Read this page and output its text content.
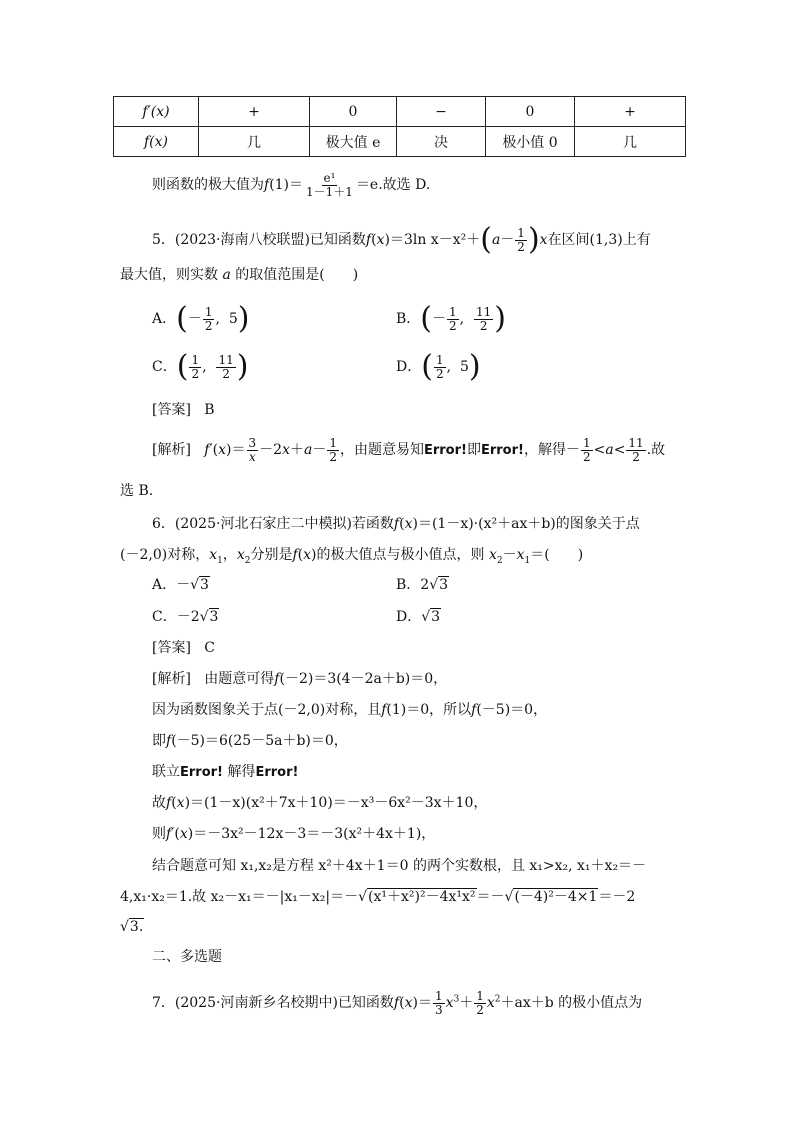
f′(x)	+	0	−	0	+
f(x)	几	极大值 e	决	极小值 0	几
则函数的极大值为$f(1)= \frac{\text{e¹}}{1-1+1} =e$.故选 D.
5．(2023·海南八校联盟)已知函数f(x)＝3ln $x-x^2+(a- \frac{1}{2} )x$在区间(1,3)上有
最大值，则实数 a 的取值范围是(　　)
A．(－ $\frac{1}{2}$ ,  5)	B．(－ $\frac{1}{2}$ , $\frac{11}{2}$ )
C．( $\frac{1}{2}$ , $\frac{11}{2}$ )	D．( $\frac{1}{2}$ ,  5)
[答案] B
[解析] $f'(x)= \frac{3}{x} -2x+a- \frac{1}{2}$ ，由题意易知Error!即Error!，解得－ $\frac{1}{2} <a< \frac{11}{2}$ .故
选 B.
6．(2025·河北石家庄二中模拟)若函数f(x)＝(1－x)·(x²＋ax＋b)的图象关于点
(－2,0)对称，$x_1$，$x_2$分别是f(x)的极大值点与极小值点，则 $x_2-x_1=$(　　)
A．－√3	B．2√3
C．－2√3	D．√3
[答案] C
[解析] 由题意可得f(－2)＝3(4－2a＋b)＝0，
因为函数图象关于点(－2,0)对称，且f(1)＝0，所以f(－5)＝0，
即f(－5)＝6(25－5a＋b)＝0，
联立Error! 解得Error!
故f(x)＝(1－x)(x²＋7x＋10)＝－x³－6x²－3x＋10，
则f′(x)＝－3x²－12x－3＝－3(x²＋4x＋1)，
结合题意可知 x₁,x₂是方程 x²＋4x＋1＝0 的两个实数根，且 x₁>x₂, x₁＋x₂＝－
4,x₁·x₂＝1.故 x₂－x₁＝－|x₁－x₂|＝－√(x¹＋x²)²－4x¹x²＝－√(－4)²－4×1＝－2
√3.
二、多选题
7．(2025·河南新乡名校期中)已知函数$f(x)= \frac{1}{3} x^3+ \frac{1}{2} x^2+ax+b$ 的极小值点为
